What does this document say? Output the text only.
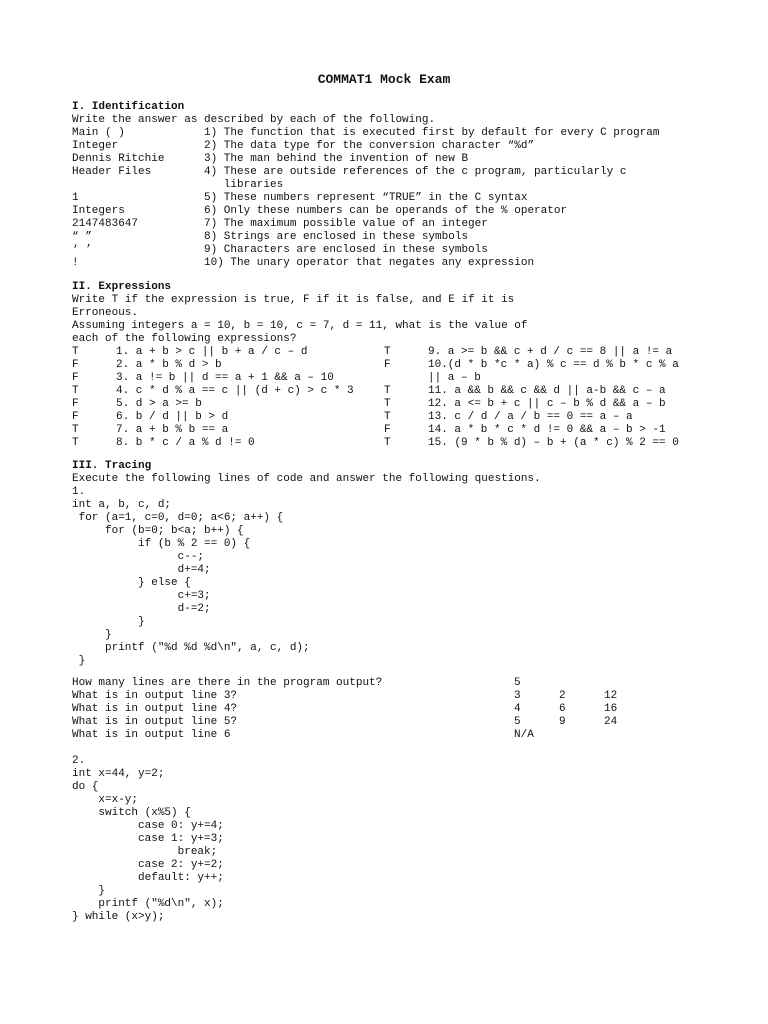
COMMAT1 Mock Exam
I. Identification
Write the answer as described by each of the following.
Main ( )	1) The function that is executed first by default for every C program
Integer	2) The data type for the conversion character “%d”
Dennis Ritchie	3) The man behind the invention of new B
Header Files	4) These are outside references of the c program, particularly c
libraries
1	5) These numbers represent “TRUE” in the C syntax
Integers	6) Only these numbers can be operands of the % operator
2147483647	7) The maximum possible value of an integer
“ ”	8) Strings are enclosed in these symbols
‘ ’	9) Characters are enclosed in these symbols
!	10) The unary operator that negates any expression
II. Expressions
Write T if the expression is true, F if it is false, and E if it is
Erroneous.
Assuming integers a = 10, b = 10, c = 7, d = 11, what is the value of
each of the following expressions?
T	1. a + b > c || b + a / c – d
F	2. a * b % d > b
F	3. a != b || d == a + 1 && a – 10
T	4. c * d % a == c || (d + c) > c * 3
F	5. d > a >= b
F	6. b / d || b > d
T	7. a + b % b == a
T	8. b * c / a % d != 0
T	9. a >= b && c + d / c == 8 || a != a
F	10.(d * b *c * a) % c == d % b * c % a
|| a – b
T	11. a && b && c && d || a-b && c – a
T	12. a <= b + c || c – b % d && a – b
T	13. c / d / a / b == 0 == a – a
F	14. a * b * c * d != 0 && a – b > -1
T	15. (9 * b % d) – b + (a * c) % 2 == 0
III. Tracing
Execute the following lines of code and answer the following questions.
1.
int a, b, c, d;
for (a=1, c=0, d=0; a<6; a++) {
for (b=0; b<a; b++) {
if (b % 2 == 0) {
c--;
d+=4;
} else {
c+=3;
d-=2;
}
}
printf ("%d %d %d\n", a, c, d);
}
How many lines are there in the program output?	5
What is in output line 3?	3	2	12
What is in output line 4?	4	6	16
What is in output line 5?	5	9	24
What is in output line 6	N/A
2.
int x=44, y=2;
do {
x=x-y;
switch (x%5) {
case 0: y+=4;
case 1: y+=3;
break;
case 2: y+=2;
default: y++;
}
printf ("%d\n", x);
} while (x>y);
